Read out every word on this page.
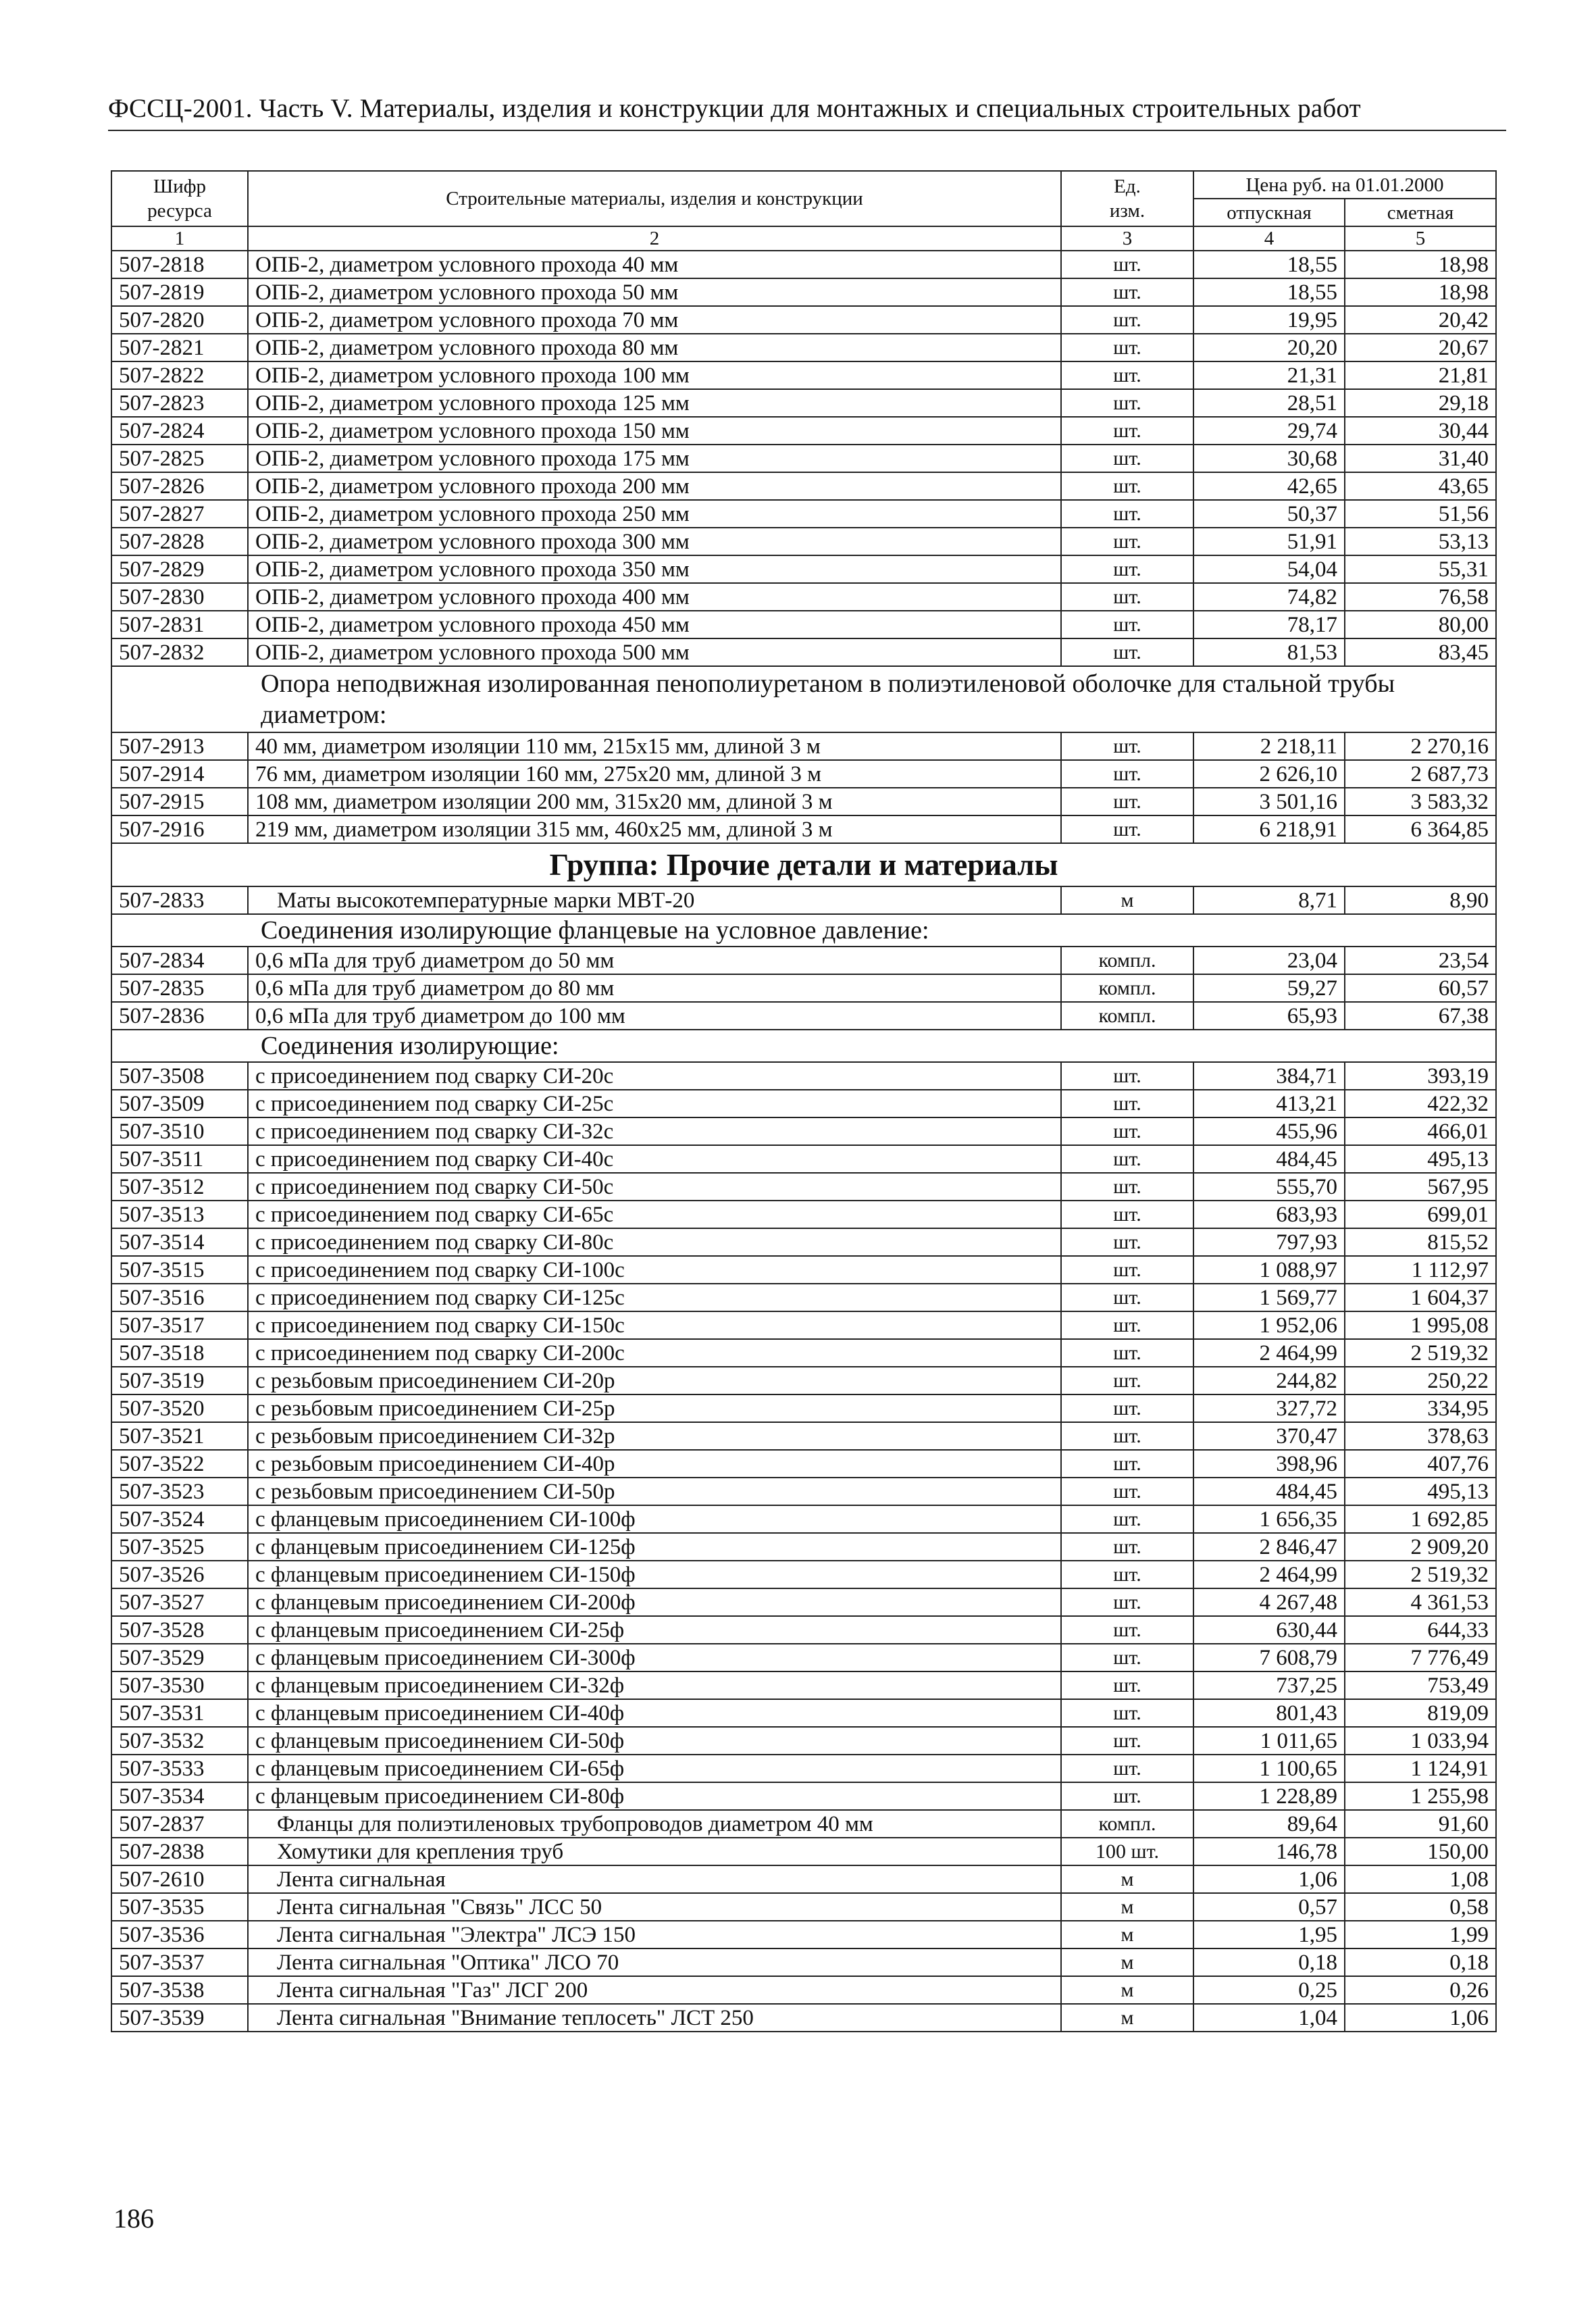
ФССЦ-2001. Часть V. Материалы, изделия и конструкции для монтажных и специальных строительных работ
Шифр ресурса	Строительные материалы, изделия и конструкции	Ед. изм.	Цена руб. на 01.01.2000	
			отпускная	сметная
1	2	3	4	5
507-2818	ОПБ-2, диаметром условного прохода 40 мм	шт.	18,55	18,98
507-2819	ОПБ-2, диаметром условного прохода 50 мм	шт.	18,55	18,98
507-2820	ОПБ-2, диаметром условного прохода 70 мм	шт.	19,95	20,42
507-2821	ОПБ-2, диаметром условного прохода 80 мм	шт.	20,20	20,67
507-2822	ОПБ-2, диаметром условного прохода 100 мм	шт.	21,31	21,81
507-2823	ОПБ-2, диаметром условного прохода 125 мм	шт.	28,51	29,18
507-2824	ОПБ-2, диаметром условного прохода 150 мм	шт.	29,74	30,44
507-2825	ОПБ-2, диаметром условного прохода 175 мм	шт.	30,68	31,40
507-2826	ОПБ-2, диаметром условного прохода 200 мм	шт.	42,65	43,65
507-2827	ОПБ-2, диаметром условного прохода 250 мм	шт.	50,37	51,56
507-2828	ОПБ-2, диаметром условного прохода 300 мм	шт.	51,91	53,13
507-2829	ОПБ-2, диаметром условного прохода 350 мм	шт.	54,04	55,31
507-2830	ОПБ-2, диаметром условного прохода 400 мм	шт.	74,82	76,58
507-2831	ОПБ-2, диаметром условного прохода 450 мм	шт.	78,17	80,00
507-2832	ОПБ-2, диаметром условного прохода 500 мм	шт.	81,53	83,45
Опора неподвижная изолированная пенополиуретаном в полиэтиленовой оболочке для стальной трубы диаметром:				
507-2913	40 мм, диаметром изоляции 110 мм, 215х15 мм, длиной 3 м	шт.	2 218,11	2 270,16
507-2914	76 мм, диаметром изоляции 160 мм, 275х20 мм, длиной 3 м	шт.	2 626,10	2 687,73
507-2915	108 мм, диаметром изоляции 200 мм, 315х20 мм, длиной 3 м	шт.	3 501,16	3 583,32
507-2916	219 мм, диаметром изоляции 315 мм, 460х25 мм, длиной 3 м	шт.	6 218,91	6 364,85
Группа: Прочие детали и материалы				
507-2833	Маты высокотемпературные марки МВТ-20	м	8,71	8,90
Соединения изолирующие фланцевые на условное давление:				
507-2834	0,6 мПа для труб диаметром до 50 мм	компл.	23,04	23,54
507-2835	0,6 мПа для труб диаметром до 80 мм	компл.	59,27	60,57
507-2836	0,6 мПа для труб диаметром до 100 мм	компл.	65,93	67,38
Соединения изолирующие:				
507-3508	с присоединением под сварку СИ-20с	шт.	384,71	393,19
507-3509	с присоединением под сварку СИ-25с	шт.	413,21	422,32
507-3510	с присоединением под сварку СИ-32с	шт.	455,96	466,01
507-3511	с присоединением под сварку СИ-40с	шт.	484,45	495,13
507-3512	с присоединением под сварку СИ-50с	шт.	555,70	567,95
507-3513	с присоединением под сварку СИ-65с	шт.	683,93	699,01
507-3514	с присоединением под сварку СИ-80с	шт.	797,93	815,52
507-3515	с присоединением под сварку СИ-100с	шт.	1 088,97	1 112,97
507-3516	с присоединением под сварку СИ-125с	шт.	1 569,77	1 604,37
507-3517	с присоединением под сварку СИ-150с	шт.	1 952,06	1 995,08
507-3518	с присоединением под сварку СИ-200с	шт.	2 464,99	2 519,32
507-3519	с резьбовым присоединением СИ-20р	шт.	244,82	250,22
507-3520	с резьбовым присоединением СИ-25р	шт.	327,72	334,95
507-3521	с резьбовым присоединением СИ-32р	шт.	370,47	378,63
507-3522	с резьбовым присоединением СИ-40р	шт.	398,96	407,76
507-3523	с резьбовым присоединением СИ-50р	шт.	484,45	495,13
507-3524	с фланцевым присоединением СИ-100ф	шт.	1 656,35	1 692,85
507-3525	с фланцевым присоединением СИ-125ф	шт.	2 846,47	2 909,20
507-3526	с фланцевым присоединением СИ-150ф	шт.	2 464,99	2 519,32
507-3527	с фланцевым присоединением СИ-200ф	шт.	4 267,48	4 361,53
507-3528	с фланцевым присоединением СИ-25ф	шт.	630,44	644,33
507-3529	с фланцевым присоединением СИ-300ф	шт.	7 608,79	7 776,49
507-3530	с фланцевым присоединением СИ-32ф	шт.	737,25	753,49
507-3531	с фланцевым присоединением СИ-40ф	шт.	801,43	819,09
507-3532	с фланцевым присоединением СИ-50ф	шт.	1 011,65	1 033,94
507-3533	с фланцевым присоединением СИ-65ф	шт.	1 100,65	1 124,91
507-3534	с фланцевым присоединением СИ-80ф	шт.	1 228,89	1 255,98
507-2837	Фланцы для полиэтиленовых трубопроводов диаметром 40 мм	компл.	89,64	91,60
507-2838	Хомутики для крепления труб	100 шт.	146,78	150,00
507-2610	Лента сигнальная	м	1,06	1,08
507-3535	Лента сигнальная "Связь" ЛСС 50	м	0,57	0,58
507-3536	Лента сигнальная "Электра" ЛСЭ 150	м	1,95	1,99
507-3537	Лента сигнальная "Оптика" ЛСО 70	м	0,18	0,18
507-3538	Лента сигнальная "Газ" ЛСГ 200	м	0,25	0,26
507-3539	Лента сигнальная "Внимание теплосеть" ЛСТ 250	м	1,04	1,06
186
